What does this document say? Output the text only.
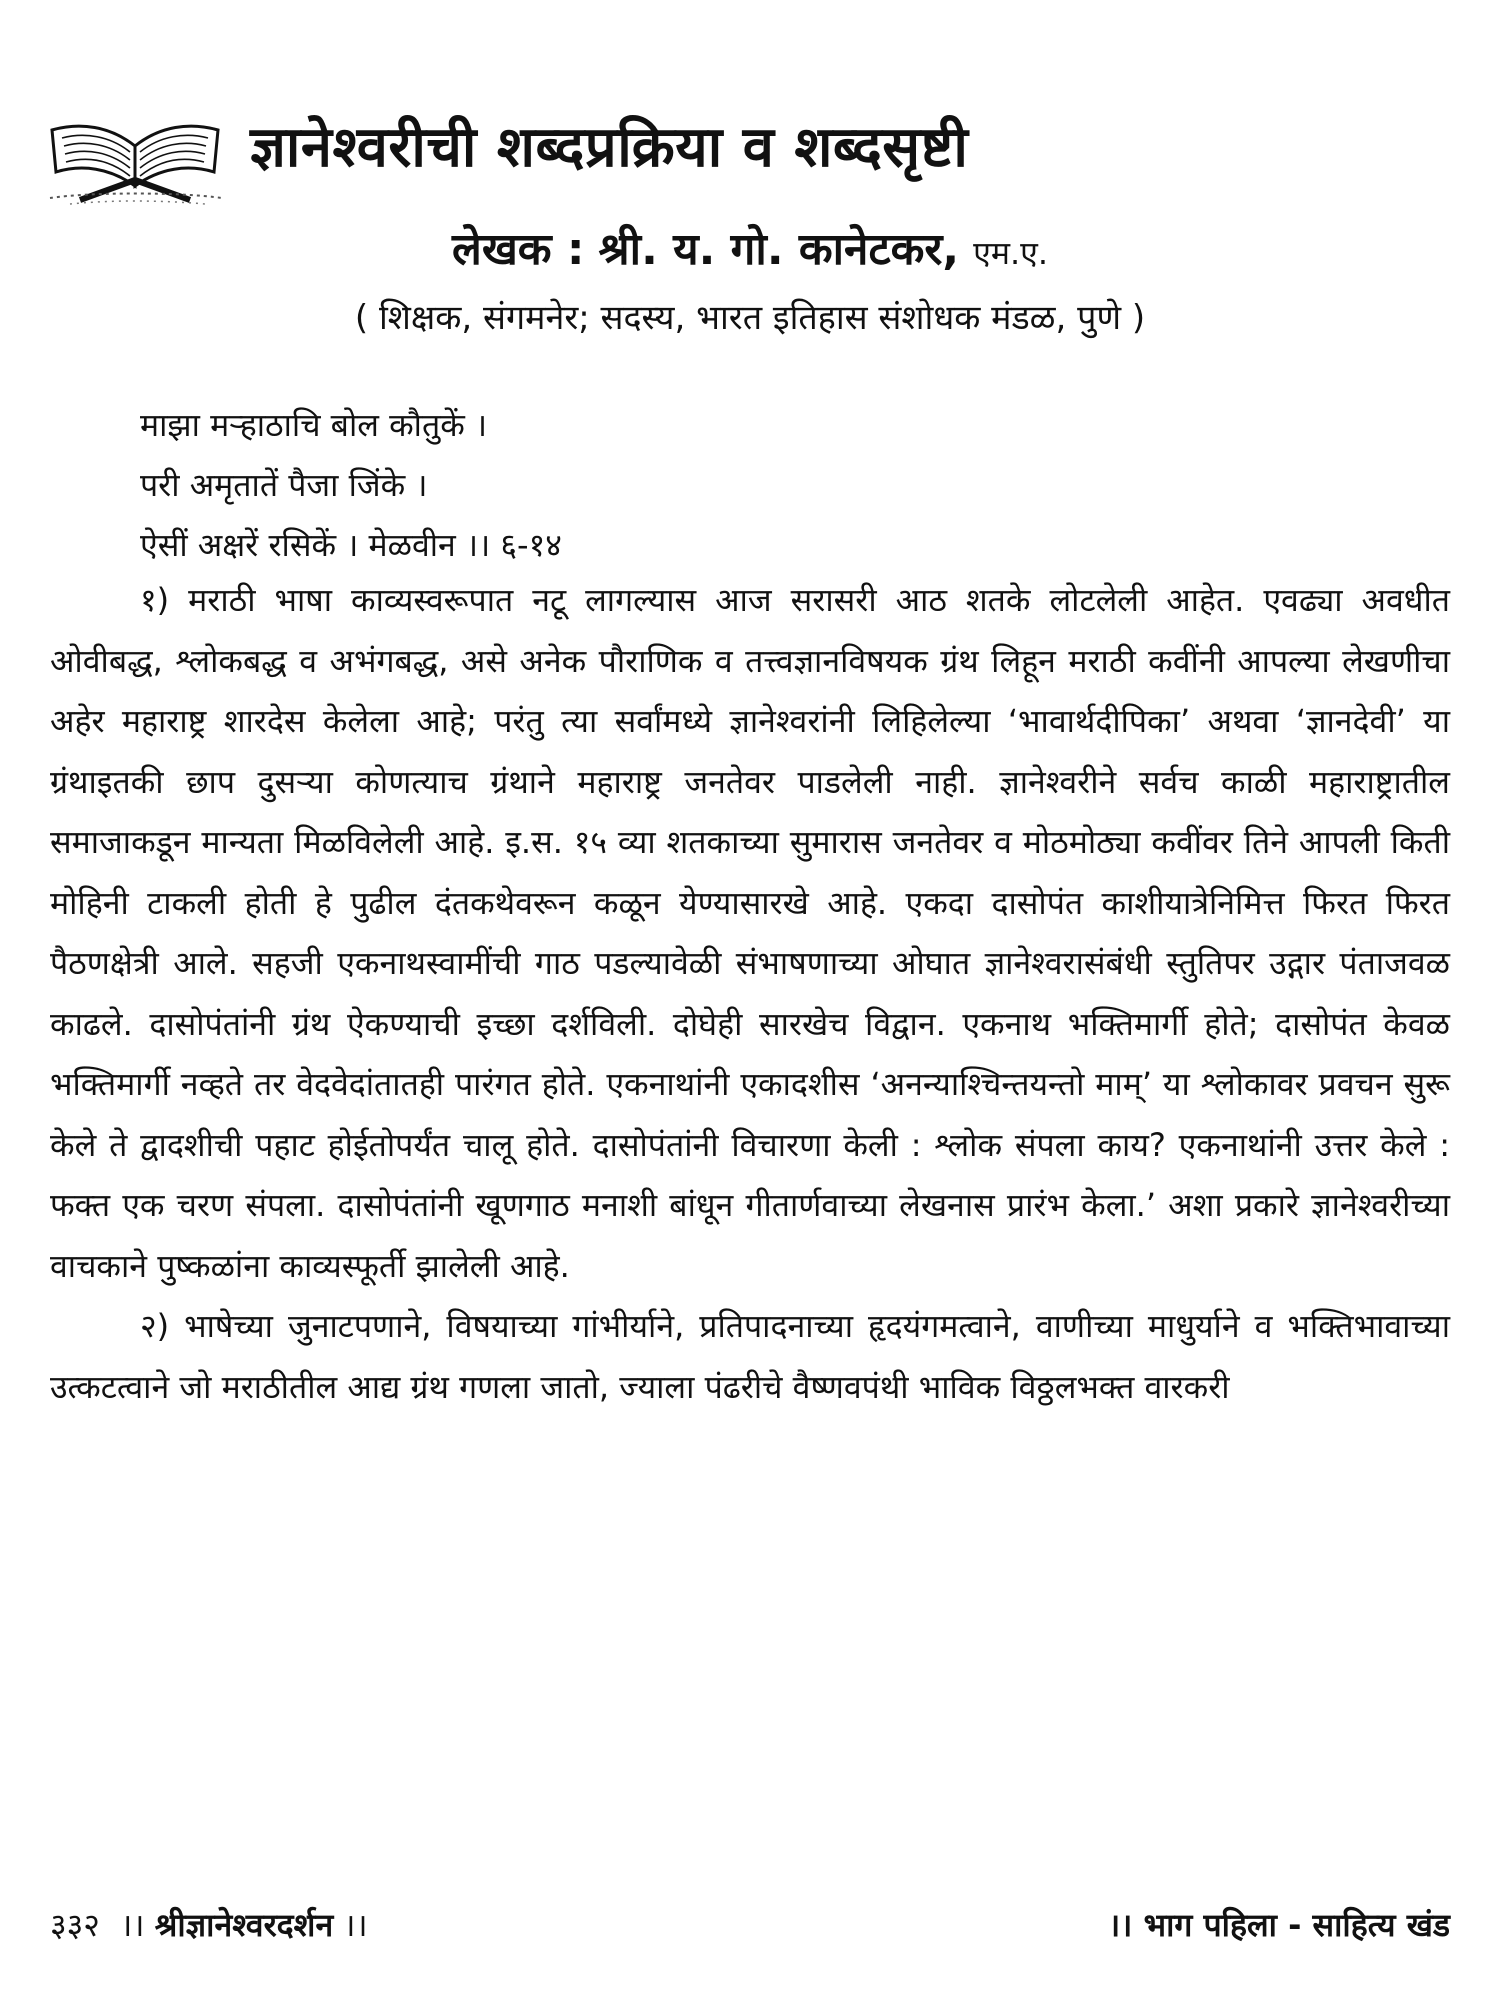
ज्ञानेश्वरीची शब्दप्रक्रिया व शब्दसृष्टी
लेखक : श्री. य. गो. कानेटकर, एम.ए.
( शिक्षक, संगमनेर; सदस्य, भारत इतिहास संशोधक मंडळ, पुणे )
माझा मऱ्हाठाचि बोल कौतुकें ।
परी अमृतातें पैजा जिंके ।
ऐसीं अक्षरें रसिकें । मेळवीन ।। ६-१४

१) मराठी भाषा काव्यस्वरूपात नटू लागल्यास आज सरासरी आठ शतके लोटलेली आहेत. एवढ्या अवधीत ओवीबद्ध, श्लोकबद्ध व अभंगबद्ध, असे अनेक पौराणिक व तत्त्वज्ञानविषयक ग्रंथ लिहून मराठी कवींनी आपल्या लेखणीचा अहेर महाराष्ट्र शारदेस केलेला आहे; परंतु त्या सर्वांमध्ये ज्ञानेश्वरांनी लिहिलेल्या ‘भावार्थदीपिका’ अथवा ‘ज्ञानदेवी’ या ग्रंथाइतकी छाप दुसऱ्या कोणत्याच ग्रंथाने महाराष्ट्र जनतेवर पाडलेली नाही. ज्ञानेश्वरीने सर्वच काळी महाराष्ट्रातील समाजाकडून मान्यता मिळविलेली आहे. इ.स. १५ व्या शतकाच्या सुमारास जनतेवर व मोठमोठ्या कवींवर तिने आपली किती मोहिनी टाकली होती हे पुढील दंतकथेवरून कळून येण्यासारखे आहे. एकदा दासोपंत काशीयात्रेनिमित्त फिरत फिरत पैठणक्षेत्री आले. सहजी एकनाथस्वामींची गाठ पडल्यावेळी संभाषणाच्या ओघात ज्ञानेश्वरासंबंधी स्तुतिपर उद्गार पंताजवळ काढले. दासोपंतांनी ग्रंथ ऐकण्याची इच्छा दर्शविली. दोघेही सारखेच विद्वान. एकनाथ भक्तिमार्गी होते; दासोपंत केवळ भक्तिमार्गी नव्हते तर वेदवेदांतातही पारंगत होते. एकनाथांनी एकादशीस ‘अनन्याश्चिन्तयन्तो माम्’ या श्लोकावर प्रवचन सुरू केले ते द्वादशीची पहाट होईतोपर्यंत चालू होते. दासोपंतांनी विचारणा केली : श्लोक संपला काय? एकनाथांनी उत्तर केले : फक्त एक चरण संपला. दासोपंतांनी खूणगाठ मनाशी बांधून गीतार्णवाच्या लेखनास प्रारंभ केला.’ अशा प्रकारे ज्ञानेश्वरीच्या वाचकाने पुष्कळांना काव्यस्फूर्ती झालेली आहे.

२) भाषेच्या जुनाटपणाने, विषयाच्या गांभीर्याने, प्रतिपादनाच्या हृदयंगमत्वाने, वाणीच्या माधुर्याने व भक्तिभावाच्या उत्कटत्वाने जो मराठीतील आद्य ग्रंथ गणला जातो, ज्याला पंढरीचे वैष्णवपंथी भाविक विठ्ठलभक्त वारकरी

३३२ ।। श्रीज्ञानेश्वरदर्शन ।।	।। भाग पहिला - साहित्य खंड
